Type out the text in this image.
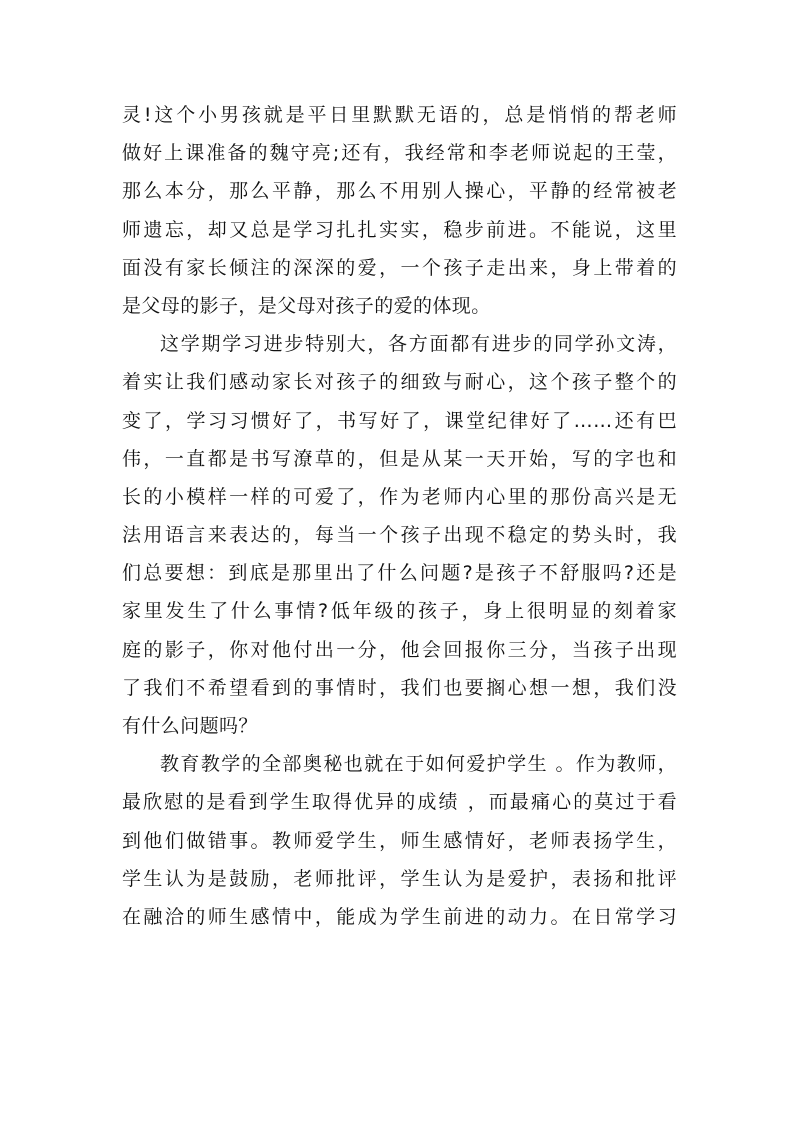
灵!这个小男孩就是平日里默默无语的，总是悄悄的帮老师
做好上课准备的魏守亮;还有，我经常和李老师说起的王莹，
那么本分，那么平静，那么不用别人操心，平静的经常被老
师遗忘，却又总是学习扎扎实实，稳步前进。不能说，这里
面没有家长倾注的深深的爱，一个孩子走出来，身上带着的
是父母的影子，是父母对孩子的爱的体现。
这学期学习进步特别大，各方面都有进步的同学孙文涛，
着实让我们感动家长对孩子的细致与耐心，这个孩子整个的
变了，学习习惯好了，书写好了，课堂纪律好了……还有巴
伟，一直都是书写潦草的，但是从某一天开始，写的字也和
长的小模样一样的可爱了，作为老师内心里的那份高兴是无
法用语言来表达的，每当一个孩子出现不稳定的势头时，我
们总要想：到底是那里出了什么问题?是孩子不舒服吗?还是
家里发生了什么事情?低年级的孩子，身上很明显的刻着家
庭的影子，你对他付出一分，他会回报你三分，当孩子出现
了我们不希望看到的事情时，我们也要搁心想一想，我们没
有什么问题吗？
教育教学的全部奥秘也就在于如何爱护学生 。作为教师，
最欣慰的是看到学生取得优异的成绩 ，而最痛心的莫过于看
到他们做错事。教师爱学生，师生感情好，老师表扬学生，
学生认为是鼓励，老师批评，学生认为是爱护，表扬和批评
在融洽的师生感情中，能成为学生前进的动力。在日常学习
